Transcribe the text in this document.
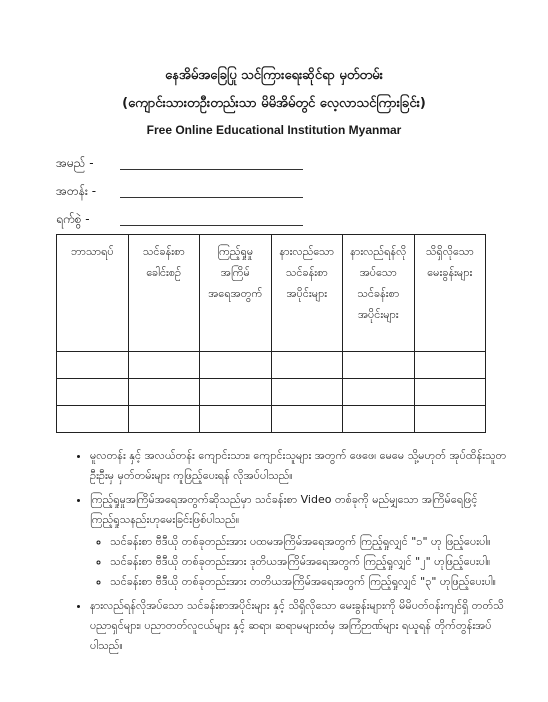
နေအိမ်အခြေပြု သင်ကြားရေးဆိုင်ရာ မှတ်တမ်း
(ကျောင်းသားတဦးတည်းသာ မိမိအိမ်တွင် လေ့လာသင်ကြားခြင်း)
Free Online Educational Institution Myanmar
အမည် -
အတန်း -
ရက်စွဲ -
ဘာသာရပ်	သင်ခန်းစာ ခေါင်းစဉ်	ကြည့်ရှုမှု အကြိမ် အရေအတွက်	နားလည်သော သင်ခန်းစာ အပိုင်းများ	နားလည်ရန်လို အပ်သော သင်ခန်းစာ အပိုင်းများ	သိရှိလိုသော မေးခွန်းများ

• မူလတန်း နှင့် အလယ်တန်း ကျောင်းသား၊ ကျောင်းသူများ အတွက် ဖေဖေ၊ မေမေ သို့မဟုတ် အုပ်ထိန်းသူတဦးဦးမှ မှတ်တမ်းများ ကူဖြည့်ပေးရန် လိုအပ်ပါသည်။
• ကြည့်ရှုမှုအကြိမ်အရေအတွက်ဆိုသည်မှာ သင်ခန်းစာ Video တစ်ခုကို မည်မျှသော အကြိမ်ရေဖြင့် ကြည့်ရှုသနည်းဟုမေးခြင်းဖြစ်ပါသည်။
◦ သင်ခန်းစာ ဗီဒီယို တစ်ခုတည်းအား ပထမအကြိမ်အရေအတွက် ကြည့်ရှုလျှင် "၁" ဟု ဖြည့်ပေးပါ။
◦ သင်ခန်းစာ ဗီဒီယို တစ်ခုတည်းအား ဒုတိယအကြိမ်အရေအတွက် ကြည့်ရှုလျှင် "၂" ဟုဖြည့်ပေးပါ။
◦ သင်ခန်းစာ ဗီဒီယို တစ်ခုတည်းအား တတိယအကြိမ်အရေအတွက် ကြည့်ရှုလျှင် "၃" ဟုဖြည့်ပေးပါ။
• နားလည်ရန်လိုအပ်သော သင်ခန်းစာအပိုင်းများ နှင့် သိရှိလိုသော မေးခွန်းများကို မိမိပတ်ဝန်းကျင်ရှိ တတ်သိပညာရှင်များ၊ ပညာတတ်လူငယ်များ နှင့် ဆရာ၊ ဆရာမများထံမှ အကြံဉာဏ်များ ရယူရန် တိုက်တွန်းအပ်ပါသည်။
